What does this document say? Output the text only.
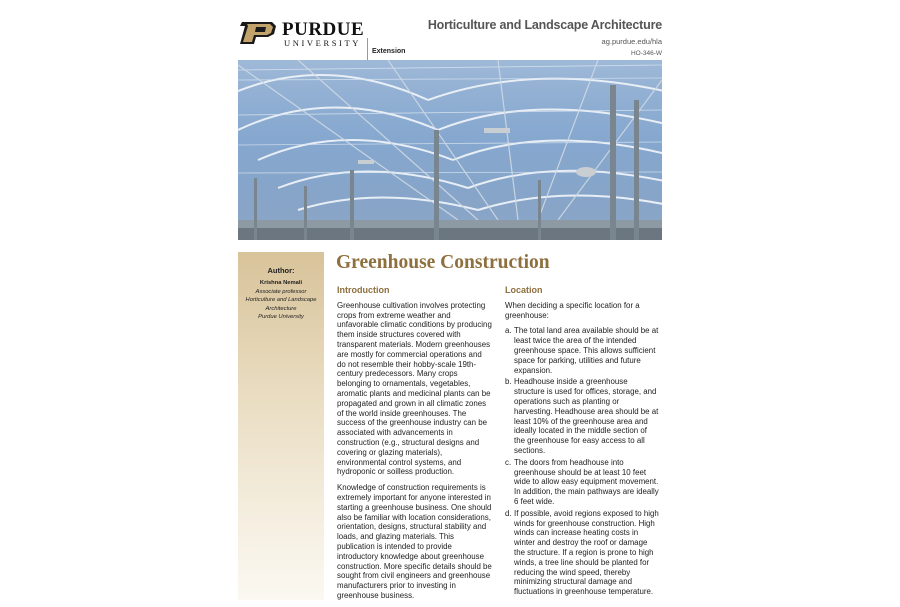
PURDUE
UNIVERSITY
Extension
Horticulture and Landscape Architecture
ag.purdue.edu/hla
HO-346-W
Author:
Krishna Nemali
Associate professor
Horticulture and Landscape Architecture
Purdue University
Greenhouse Construction
Introduction

Greenhouse cultivation involves protecting crops from extreme weather and unfavorable climatic conditions by producing them inside structures covered with transparent materials. Modern greenhouses are mostly for commercial operations and do not resemble their hobby-scale 19th-century predecessors. Many crops belonging to ornamentals, vegetables, aromatic plants and medicinal plants can be propagated and grown in all climatic zones of the world inside greenhouses. The success of the greenhouse industry can be associated with advancements in construction (e.g., structural designs and covering or glazing materials), environmental control systems, and hydroponic or soilless production.

Knowledge of construction requirements is extremely important for anyone interested in starting a greenhouse business. One should also be familiar with location considerations, orientation, designs, structural stability and loads, and glazing materials. This publication is intended to provide introductory knowledge about greenhouse construction. More specific details should be sought from civil engineers and greenhouse manufacturers prior to investing in greenhouse business.

Location

When deciding a specific location for a greenhouse:

a. The total land area available should be at least twice the area of the intended greenhouse space. This allows sufficient space for parking, utilities and future expansion.
b. Headhouse inside a greenhouse structure is used for offices, storage, and operations such as planting or harvesting. Headhouse area should be at least 10% of the greenhouse area and ideally located in the middle section of the greenhouse for easy access to all sections.
c. The doors from headhouse into greenhouse should be at least 10 feet wide to allow easy equipment movement. In addition, the main pathways are ideally 6 feet wide.
d. If possible, avoid regions exposed to high winds for greenhouse construction. High winds can increase heating costs in winter and destroy the roof or damage the structure. If a region is prone to high winds, a tree line should be planted for reducing the wind speed, thereby minimizing structural damage and fluctuations in greenhouse temperature.
